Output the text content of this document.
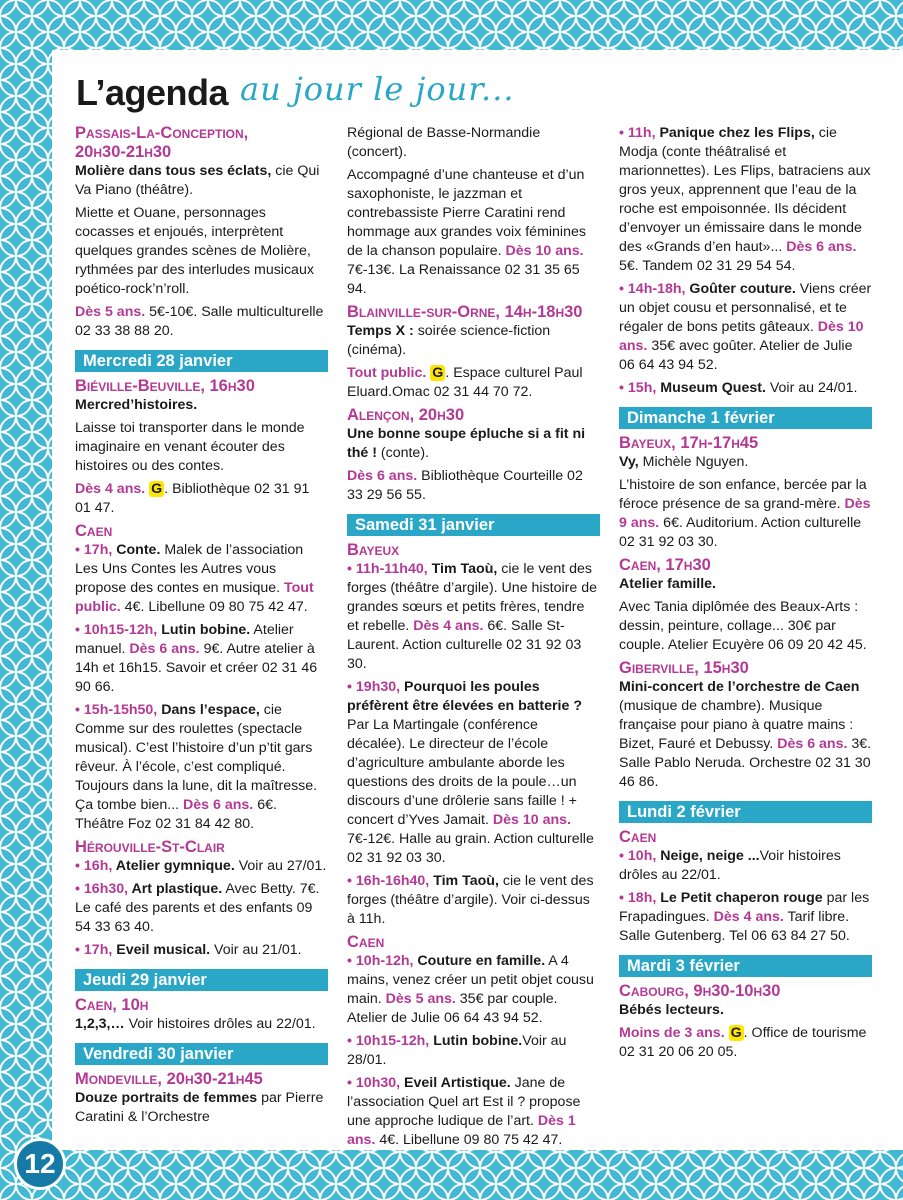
L’agenda au jour le jour...
Passais-La-Conception,
20h30-21h30

Molière dans tous ses éclats, cie Qui Va Piano (théâtre).

Miette et Ouane, personnages cocasses et enjoués, interprètent quelques grandes scènes de Molière, rythmées par des interludes musicaux poético-rock’n’roll.

Dès 5 ans. 5€-10€. Salle multiculturelle 02 33 38 88 20.

Mercredi 28 janvier
Biéville-Beuville, 16h30

Mercred’histoires.

Laisse toi transporter dans le monde imaginaire en venant écouter des histoires ou des contes.

Dès 4 ans. G . Bibliothèque 02 31 91 01 47.

Caen

• 17h, Conte. Malek de l’association Les Uns Contes les Autres vous propose des contes en musique. Tout public. 4€. Libellune 09 80 75 42 47.

• 10h15-12h, Lutin bobine. Atelier manuel. Dès 6 ans. 9€. Autre atelier à 14h et 16h15. Savoir et créer 02 31 46 90 66.

• 15h-15h50, Dans l’espace, cie Comme sur des roulettes (spectacle musical). C’est l’histoire d’un p’tit gars rêveur. À l’école, c’est compliqué. Toujours dans la lune, dit la maîtresse. Ça tombe bien... Dès 6 ans. 6€. Théâtre Foz 02 31 84 42 80.

Hérouville-St-Clair

• 16h, Atelier gymnique. Voir au 27/01.

• 16h30, Art plastique. Avec Betty. 7€. Le café des parents et des enfants 09 54 33 63 40.

• 17h, Eveil musical. Voir au 21/01.

Jeudi 29 janvier
Caen, 10h

1,2,3,… Voir histoires drôles au 22/01.

Vendredi 30 janvier
Mondeville, 20h30-21h45

Douze portraits de femmes par Pierre Caratini & l’Orchestre

Régional de Basse-Normandie (concert).

Accompagné d’une chanteuse et d’un saxophoniste, le jazzman et contrebassiste Pierre Caratini rend hommage aux grandes voix féminines de la chanson populaire. Dès 10 ans. 7€-13€. La Renaissance 02 31 35 65 94.

Blainville-sur-Orne, 14h-18h30

Temps X : soirée science-fiction (cinéma).

Tout public. G . Espace culturel Paul Eluard.Omac 02 31 44 70 72.

Alençon, 20h30

Une bonne soupe épluche si a fit ni thé ! (conte).

Dès 6 ans. Bibliothèque Courteille 02 33 29 56 55.

Samedi 31 janvier
Bayeux

• 11h-11h40, Tim Taoù, cie le vent des forges (théâtre d’argile). Une histoire de grandes sœurs et petits frères, tendre et rebelle. Dès 4 ans. 6€. Salle St-Laurent. Action culturelle 02 31 92 03 30.

• 19h30, Pourquoi les poules préfèrent être élevées en batterie ? Par La Martingale (conférence décalée). Le directeur de l’école d’agriculture ambulante aborde les questions des droits de la poule…un discours d’une drôlerie sans faille ! + concert d’Yves Jamait. Dès 10 ans. 7€-12€. Halle au grain. Action culturelle 02 31 92 03 30.

• 16h-16h40, Tim Taoù, cie le vent des forges (théâtre d’argile). Voir ci-dessus à 11h.

Caen

• 10h-12h, Couture en famille. A 4 mains, venez créer un petit objet cousu main. Dès 5 ans. 35€ par couple. Atelier de Julie 06 64 43 94 52.

• 10h15-12h, Lutin bobine.Voir au 28/01.

• 10h30, Eveil Artistique. Jane de l’association Quel art Est il ? propose une approche ludique de l’art. Dès 1 ans. 4€. Libellune 09 80 75 42 47.

• 11h, Panique chez les Flips, cie Modja (conte théâtralisé et marionnettes). Les Flips, batraciens aux gros yeux, apprennent que l’eau de la roche est empoisonnée. Ils décident d’envoyer un émissaire dans le monde des «Grands d’en haut»... Dès 6 ans. 5€. Tandem 02 31 29 54 54.

• 14h-18h, Goûter couture. Viens créer un objet cousu et personnalisé, et te régaler de bons petits gâteaux. Dès 10 ans. 35€ avec goûter. Atelier de Julie 06 64 43 94 52.

• 15h, Museum Quest. Voir au 24/01.

Dimanche 1 février
Bayeux, 17h-17h45

Vy, Michèle Nguyen.

L’histoire de son enfance, bercée par la féroce présence de sa grand-mère. Dès 9 ans. 6€. Auditorium. Action culturelle 02 31 92 03 30.

Caen, 17h30

Atelier famille.

Avec Tania diplômée des Beaux-Arts : dessin, peinture, collage... 30€ par couple. Atelier Ecuyère 06 09 20 42 45.

Giberville, 15h30

Mini-concert de l’orchestre de Caen (musique de chambre). Musique française pour piano à quatre mains : Bizet, Fauré et Debussy. Dès 6 ans. 3€. Salle Pablo Neruda. Orchestre 02 31 30 46 86.

Lundi 2 février
Caen

• 10h, Neige, neige ...Voir histoires drôles au 22/01.

• 18h, Le Petit chaperon rouge par les Frapadingues. Dès 4 ans. Tarif libre. Salle Gutenberg. Tel 06 63 84 27 50.

Mardi 3 février
Cabourg, 9h30-10h30

Bébés lecteurs.

Moins de 3 ans. G . Office de tourisme 02 31 20 06 20 05.

12
